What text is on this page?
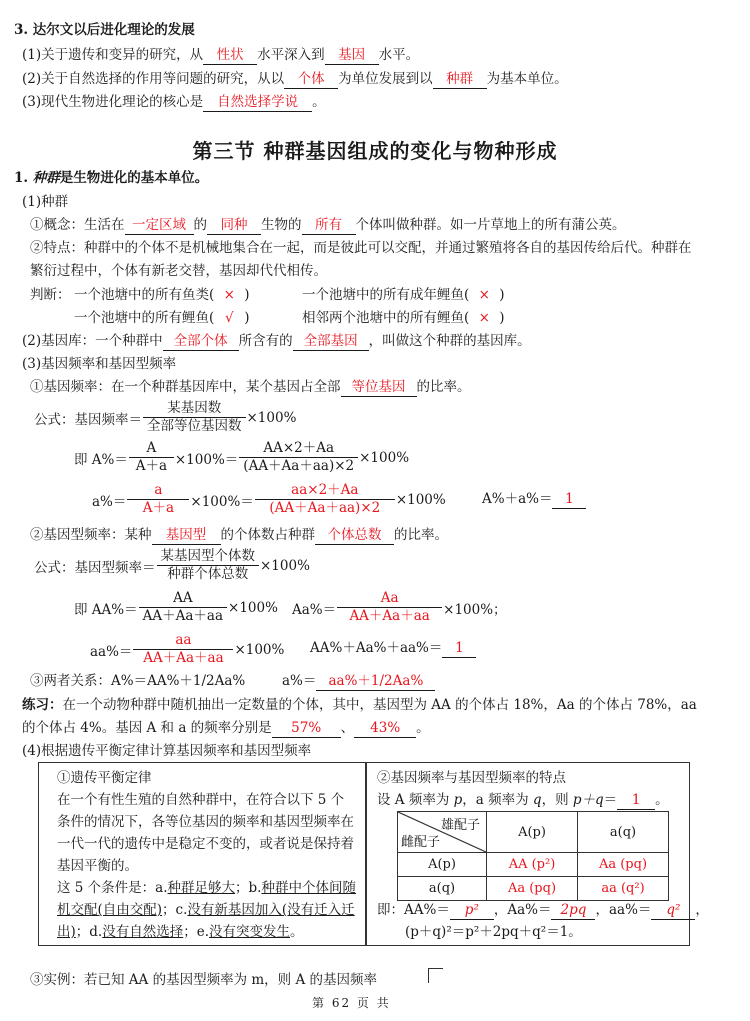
3. 达尔文以后进化理论的发展
(1)关于遗传和变异的研究，从 性状 水平深入到 基因 水平。
(2)关于自然选择的作用等问题的研究，从以 个体 为单位发展到以 种群 为基本单位。
(3)现代生物进化理论的核心是 自然选择学说 。
第三节 种群基因组成的变化与物种形成
1. 种群是生物进化的基本单位。
(1)种群
①概念：生活在 一定区域 的 同种 生物的 所有 个体叫做种群。如一片草地上的所有蒲公英。
②特点：种群中的个体不是机械地集合在一起，而是彼此可以交配，并通过繁殖将各自的基因传给后代。种群在
繁衍过程中，个体有新老交替，基因却代代相传。
判断： 一个池塘中的所有鱼类( × )	一个池塘中的所有成年鲤鱼( × )
一个池塘中的所有鲤鱼( √ )	相邻两个池塘中的所有鲤鱼( × )
(2)基因库：一个种群中 全部个体 所含有的 全部基因 ，叫做这个种群的基因库。
(3)基因频率和基因型频率
①基因频率：在一个种群基因库中，某个基因占全部 等位基因 的比率。
公式：基因频率＝ $\frac{\text{某基因数}}{\text{全部等位基因数}} \times 100\%$
即 $A\%= \frac{A}{A+a} \times 100\%= \frac{AA\times 2+Aa}{(AA+Aa+aa)\times 2} \times 100\%$
$a\%= \frac{a}{A+a} \times 100\%= \frac{aa\times 2+Aa}{(AA+Aa+aa)\times 2} \times 100\%$	A%＋a%＝ 1
②基因型频率：某种 基因型 的个体数占种群 个体总数 的比率。
公式：基因型频率＝ $\frac{\text{某基因型个体数}}{\text{种群个体总数}} \times 100\%$
即 $AA\%= \frac{AA}{AA+Aa+aa} \times 100\%$ $Aa\%= \frac{Aa}{AA+Aa+aa} \times 100\%$；
$aa\%= \frac{aa}{AA+Aa+aa} \times 100\%$ AA%＋Aa%＋aa%＝ 1
③两者关系：A%＝AA%＋1/2Aa%	a%＝ aa%＋1/2Aa%
练习：在一个动物种群中随机抽出一定数量的个体，其中，基因型为 AA 的个体占 18%，Aa 的个体占 78%，aa
的个体占 4%。基因 A 和 a 的频率分别是 57% 、 43% 。
(4)根据遗传平衡定律计算基因频率和基因型频率
①遗传平衡定律
在一个有性生殖的自然种群中，在符合以下 5 个条件的情况下，各等位基因的频率和基因型频率在一代一代的遗传中是稳定不变的，或者说是保持着基因平衡的。
这 5 个条件是：a.种群足够大；b.种群中个体间随机交配(自由交配)；c.没有新基因加入(没有迁入迁出)；d.没有自然选择；e.没有突变发生。
②基因频率与基因型频率的特点
设 A 频率为 p，a 频率为 q，则 p＋q＝ 1 。
雄配子
雌配子	A(p)	a(q)
A(p)	AA (p²)	Aa (pq)
a(q)	Aa (pq)	aa (q²)
即：AA%＝ p² ，Aa%＝ 2pq ，aa%＝ q² ，
(p＋q)²＝p²＋2pq＋q²＝1。
③实例：若已知 AA 的基因型频率为 m，则 A 的基因频率
第 62 页 共
